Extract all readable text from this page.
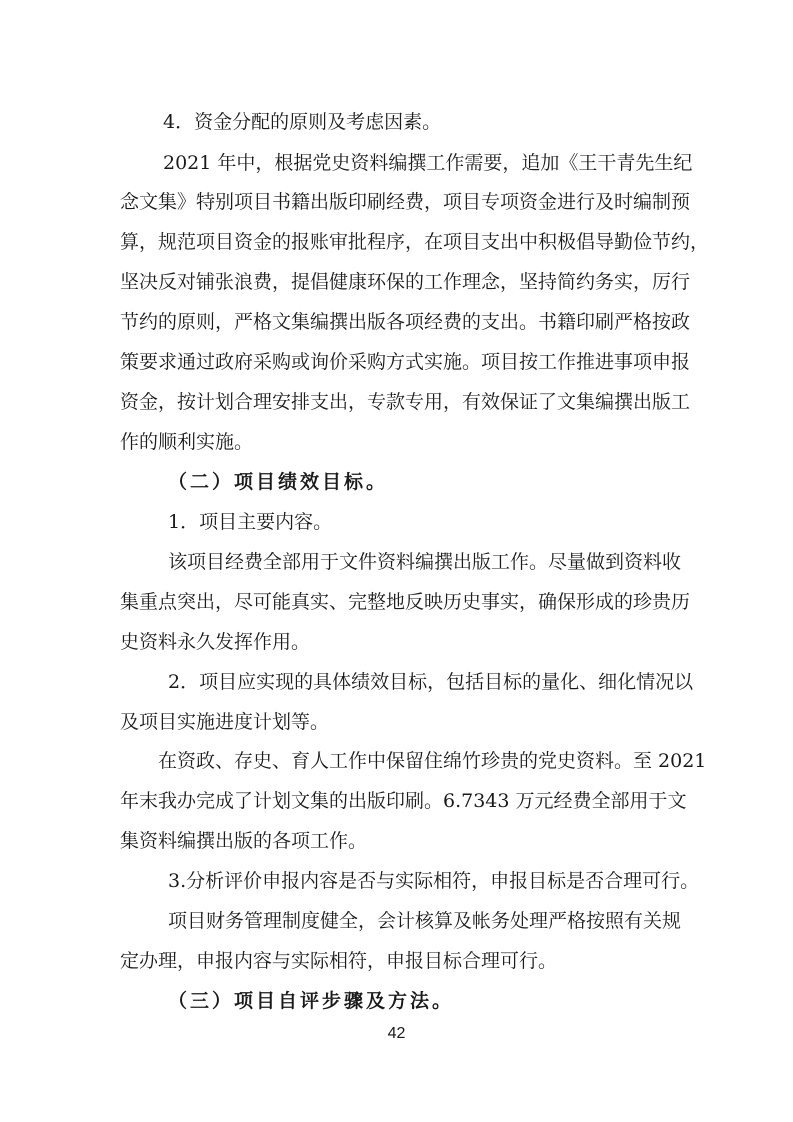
4．资金分配的原则及考虑因素。
2021 年中，根据党史资料编撰工作需要，追加《王干青先生纪
念文集》特别项目书籍出版印刷经费，项目专项资金进行及时编制预
算，规范项目资金的报账审批程序，在项目支出中积极倡导勤俭节约，
坚决反对铺张浪费，提倡健康环保的工作理念，坚持简约务实，厉行
节约的原则，严格文集编撰出版各项经费的支出。书籍印刷严格按政
策要求通过政府采购或询价采购方式实施。项目按工作推进事项申报
资金，按计划合理安排支出，专款专用，有效保证了文集编撰出版工
作的顺利实施。
（二）项目绩效目标。
1．项目主要内容。
该项目经费全部用于文件资料编撰出版工作。尽量做到资料收
集重点突出，尽可能真实、完整地反映历史事实，确保形成的珍贵历
史资料永久发挥作用。
2．项目应实现的具体绩效目标，包括目标的量化、细化情况以
及项目实施进度计划等。
在资政、存史、育人工作中保留住绵竹珍贵的党史资料。至 2021
年末我办完成了计划文集的出版印刷。6.7343 万元经费全部用于文
集资料编撰出版的各项工作。
3.分析评价申报内容是否与实际相符，申报目标是否合理可行。
项目财务管理制度健全，会计核算及帐务处理严格按照有关规
定办理，申报内容与实际相符，申报目标合理可行。
（三）项目自评步骤及方法。
42
